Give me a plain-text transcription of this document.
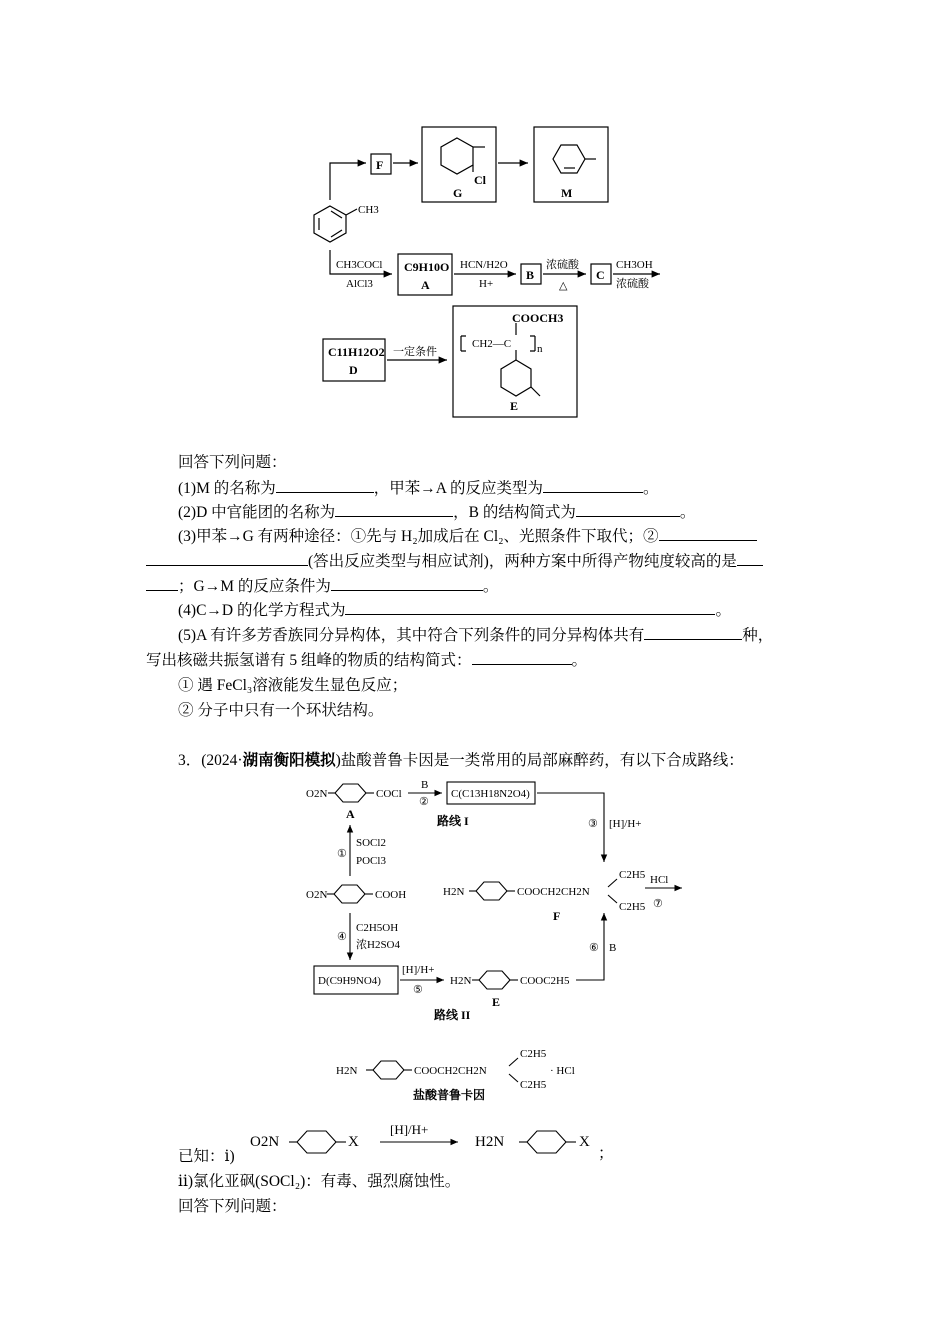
F
Cl
G	M
CH3
CH3COCl
AlCl3
C9H10O
A
HCN/H2O
H+
B
浓硫酸
△
C
CH3OH
浓硫酸
C11H12O2
D
一定条件
COOCH3
CH2—C n
E
回答下列问题：
(1)M 的名称为	，甲苯→A 的反应类型为	。
(2)D 中官能团的名称为	，B 的结构简式为	。
(3)甲苯→G 有两种途径：①先与 H₂加成后在 Cl₂、光照条件下取代；②
(答出反应类型与相应试剂)，两种方案中所得产物纯度较高的是
；G→M 的反应条件为	。
(4)C→D 的化学方程式为	。
(5)A 有许多芳香族同分异构体，其中符合下列条件的同分异构体共有	种，
写出核磁共振氢谱有 5 组峰的物质的结构简式：	。
① 遇 FeCl₃溶液能发生显色反应；
② 分子中只有一个环状结构。
3．(2024·湖南衡阳模拟)盐酸普鲁卡因是一类常用的局部麻醉药，有以下合成路线：
O2N	COCl
A
B
②
C(C13H18N2O4)
路线 I	③ [H]/H+
①
SOCl2
POCl3
O2N	COOH	H2N	COOCH2CH2N
C2H5
C2H5
F
HCl
⑦
④
C2H5OH
浓H2SO4	⑥ B
D(C9H9NO4)
[H]/H+
⑤
H2N	COOC2H5
E
路线 II
H2N	COOCH2CH2N
C2H5
C2H5
· HCl
盐酸普鲁卡因
已知：ⅰ)
O2N	X
[H]/H+
H2N	X
；
ⅱ)氯化亚砜(SOCl₂)：有毒、强烈腐蚀性。
回答下列问题：
